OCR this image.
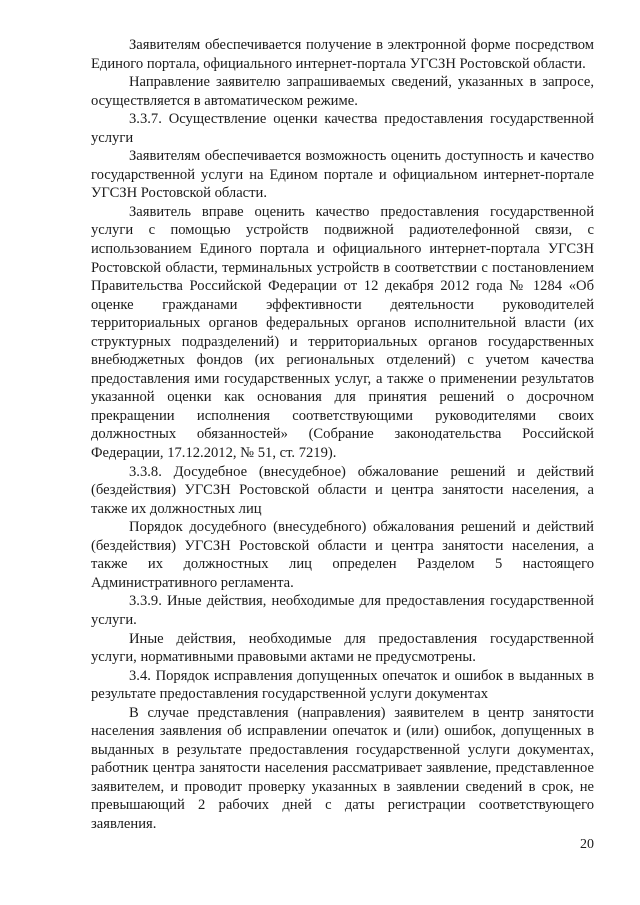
Заявителям обеспечивается получение в электронной форме посредством Единого портала, официального интернет-портала УГСЗН Ростовской области.

Направление заявителю запрашиваемых сведений, указанных в запросе, осуществляется в автоматическом режиме.

3.3.7. Осуществление оценки качества предоставления государственной услуги

Заявителям обеспечивается возможность оценить доступность и качество государственной услуги на Едином портале и официальном интернет-портале УГСЗН Ростовской области.

Заявитель вправе оценить качество предоставления государственной услуги с помощью устройств подвижной радиотелефонной связи, с использованием Единого портала и официального интернет-портала УГСЗН Ростовской области, терминальных устройств в соответствии с постановлением Правительства Российской Федерации от 12 декабря 2012 года № 1284 «Об оценке гражданами эффективности деятельности руководителей территориальных органов федеральных органов исполнительной власти (их структурных подразделений) и территориальных органов государственных внебюджетных фондов (их региональных отделений) с учетом качества предоставления ими государственных услуг, а также о применении результатов указанной оценки как основания для принятия решений о досрочном прекращении исполнения соответствующими руководителями своих должностных обязанностей» (Собрание законодательства Российской Федерации, 17.12.2012, № 51, ст. 7219).

3.3.8. Досудебное (внесудебное) обжалование решений и действий (бездействия) УГСЗН Ростовской области и центра занятости населения, а также их должностных лиц

Порядок досудебного (внесудебного) обжалования решений и действий (бездействия) УГСЗН Ростовской области и центра занятости населения, а также их должностных лиц определен Разделом 5 настоящего Административного регламента.

3.3.9. Иные действия, необходимые для предоставления государственной услуги.

Иные действия, необходимые для предоставления государственной услуги, нормативными правовыми актами не предусмотрены.

3.4. Порядок исправления допущенных опечаток и ошибок в выданных в результате предоставления государственной услуги документах

В случае представления (направления) заявителем в центр занятости населения заявления об исправлении опечаток и (или) ошибок, допущенных в выданных в результате предоставления государственной услуги документах, работник центра занятости населения рассматривает заявление, представленное заявителем, и проводит проверку указанных в заявлении сведений в срок, не превышающий 2 рабочих дней с даты регистрации соответствующего заявления.

20
